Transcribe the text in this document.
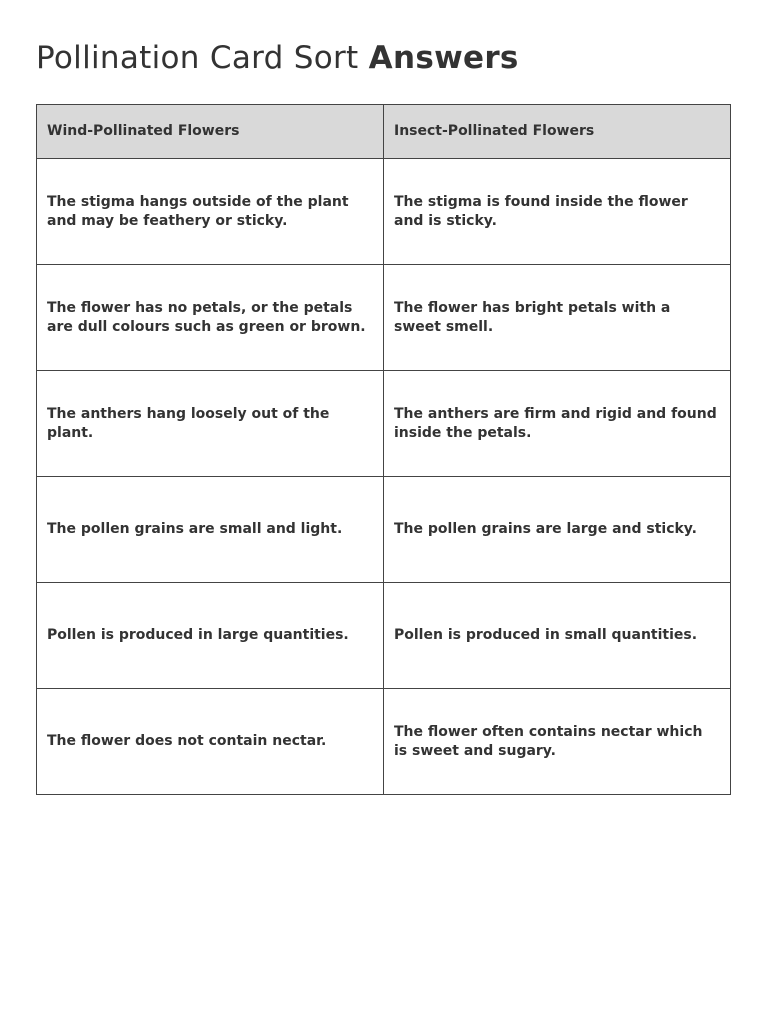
Pollination Card Sort Answers
Wind-Pollinated Flowers	Insect-Pollinated Flowers
The stigma hangs outside of the plant and may be feathery or sticky.	The stigma is found inside the flower and is sticky.
The flower has no petals, or the petals are dull colours such as green or brown.	The flower has bright petals with a sweet smell.
The anthers hang loosely out of the plant.	The anthers are firm and rigid and found inside the petals.
The pollen grains are small and light.	The pollen grains are large and sticky.
Pollen is produced in large quantities.	Pollen is produced in small quantities.
The flower does not contain nectar.	The flower often contains nectar which is sweet and sugary.
